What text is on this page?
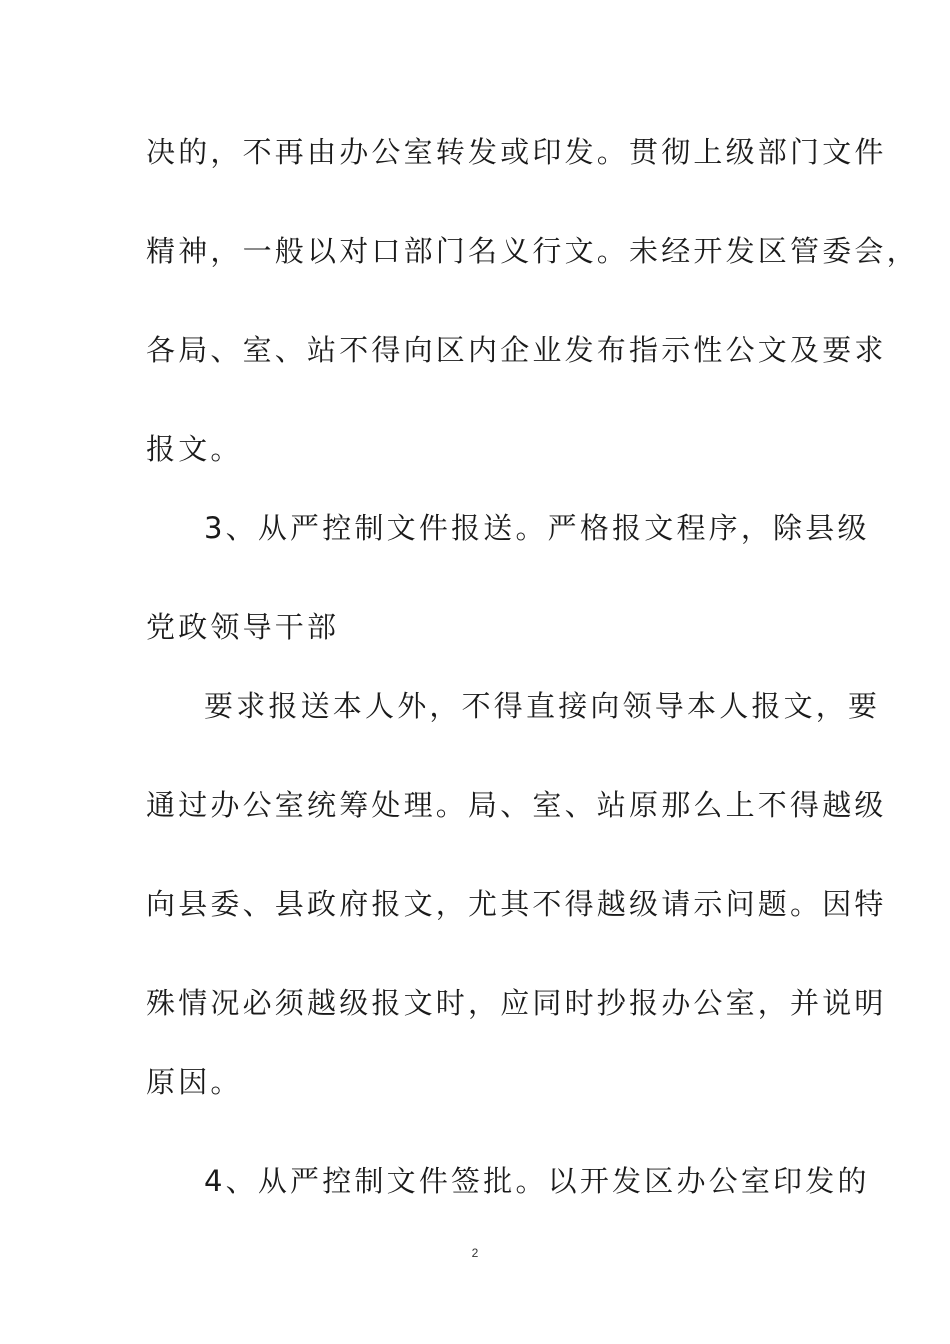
决的，不再由办公室转发或印发。贯彻上级部门文件
精神，一般以对口部门名义行文。未经开发区管委会，
各局、室、站不得向区内企业发布指示性公文及要求
报文。
3、从严控制文件报送。严格报文程序，除县级
党政领导干部
要求报送本人外，不得直接向领导本人报文，要
通过办公室统筹处理。局、室、站原那么上不得越级
向县委、县政府报文，尤其不得越级请示问题。因特
殊情况必须越级报文时，应同时抄报办公室，并说明
原因。
4、从严控制文件签批。以开发区办公室印发的
2
